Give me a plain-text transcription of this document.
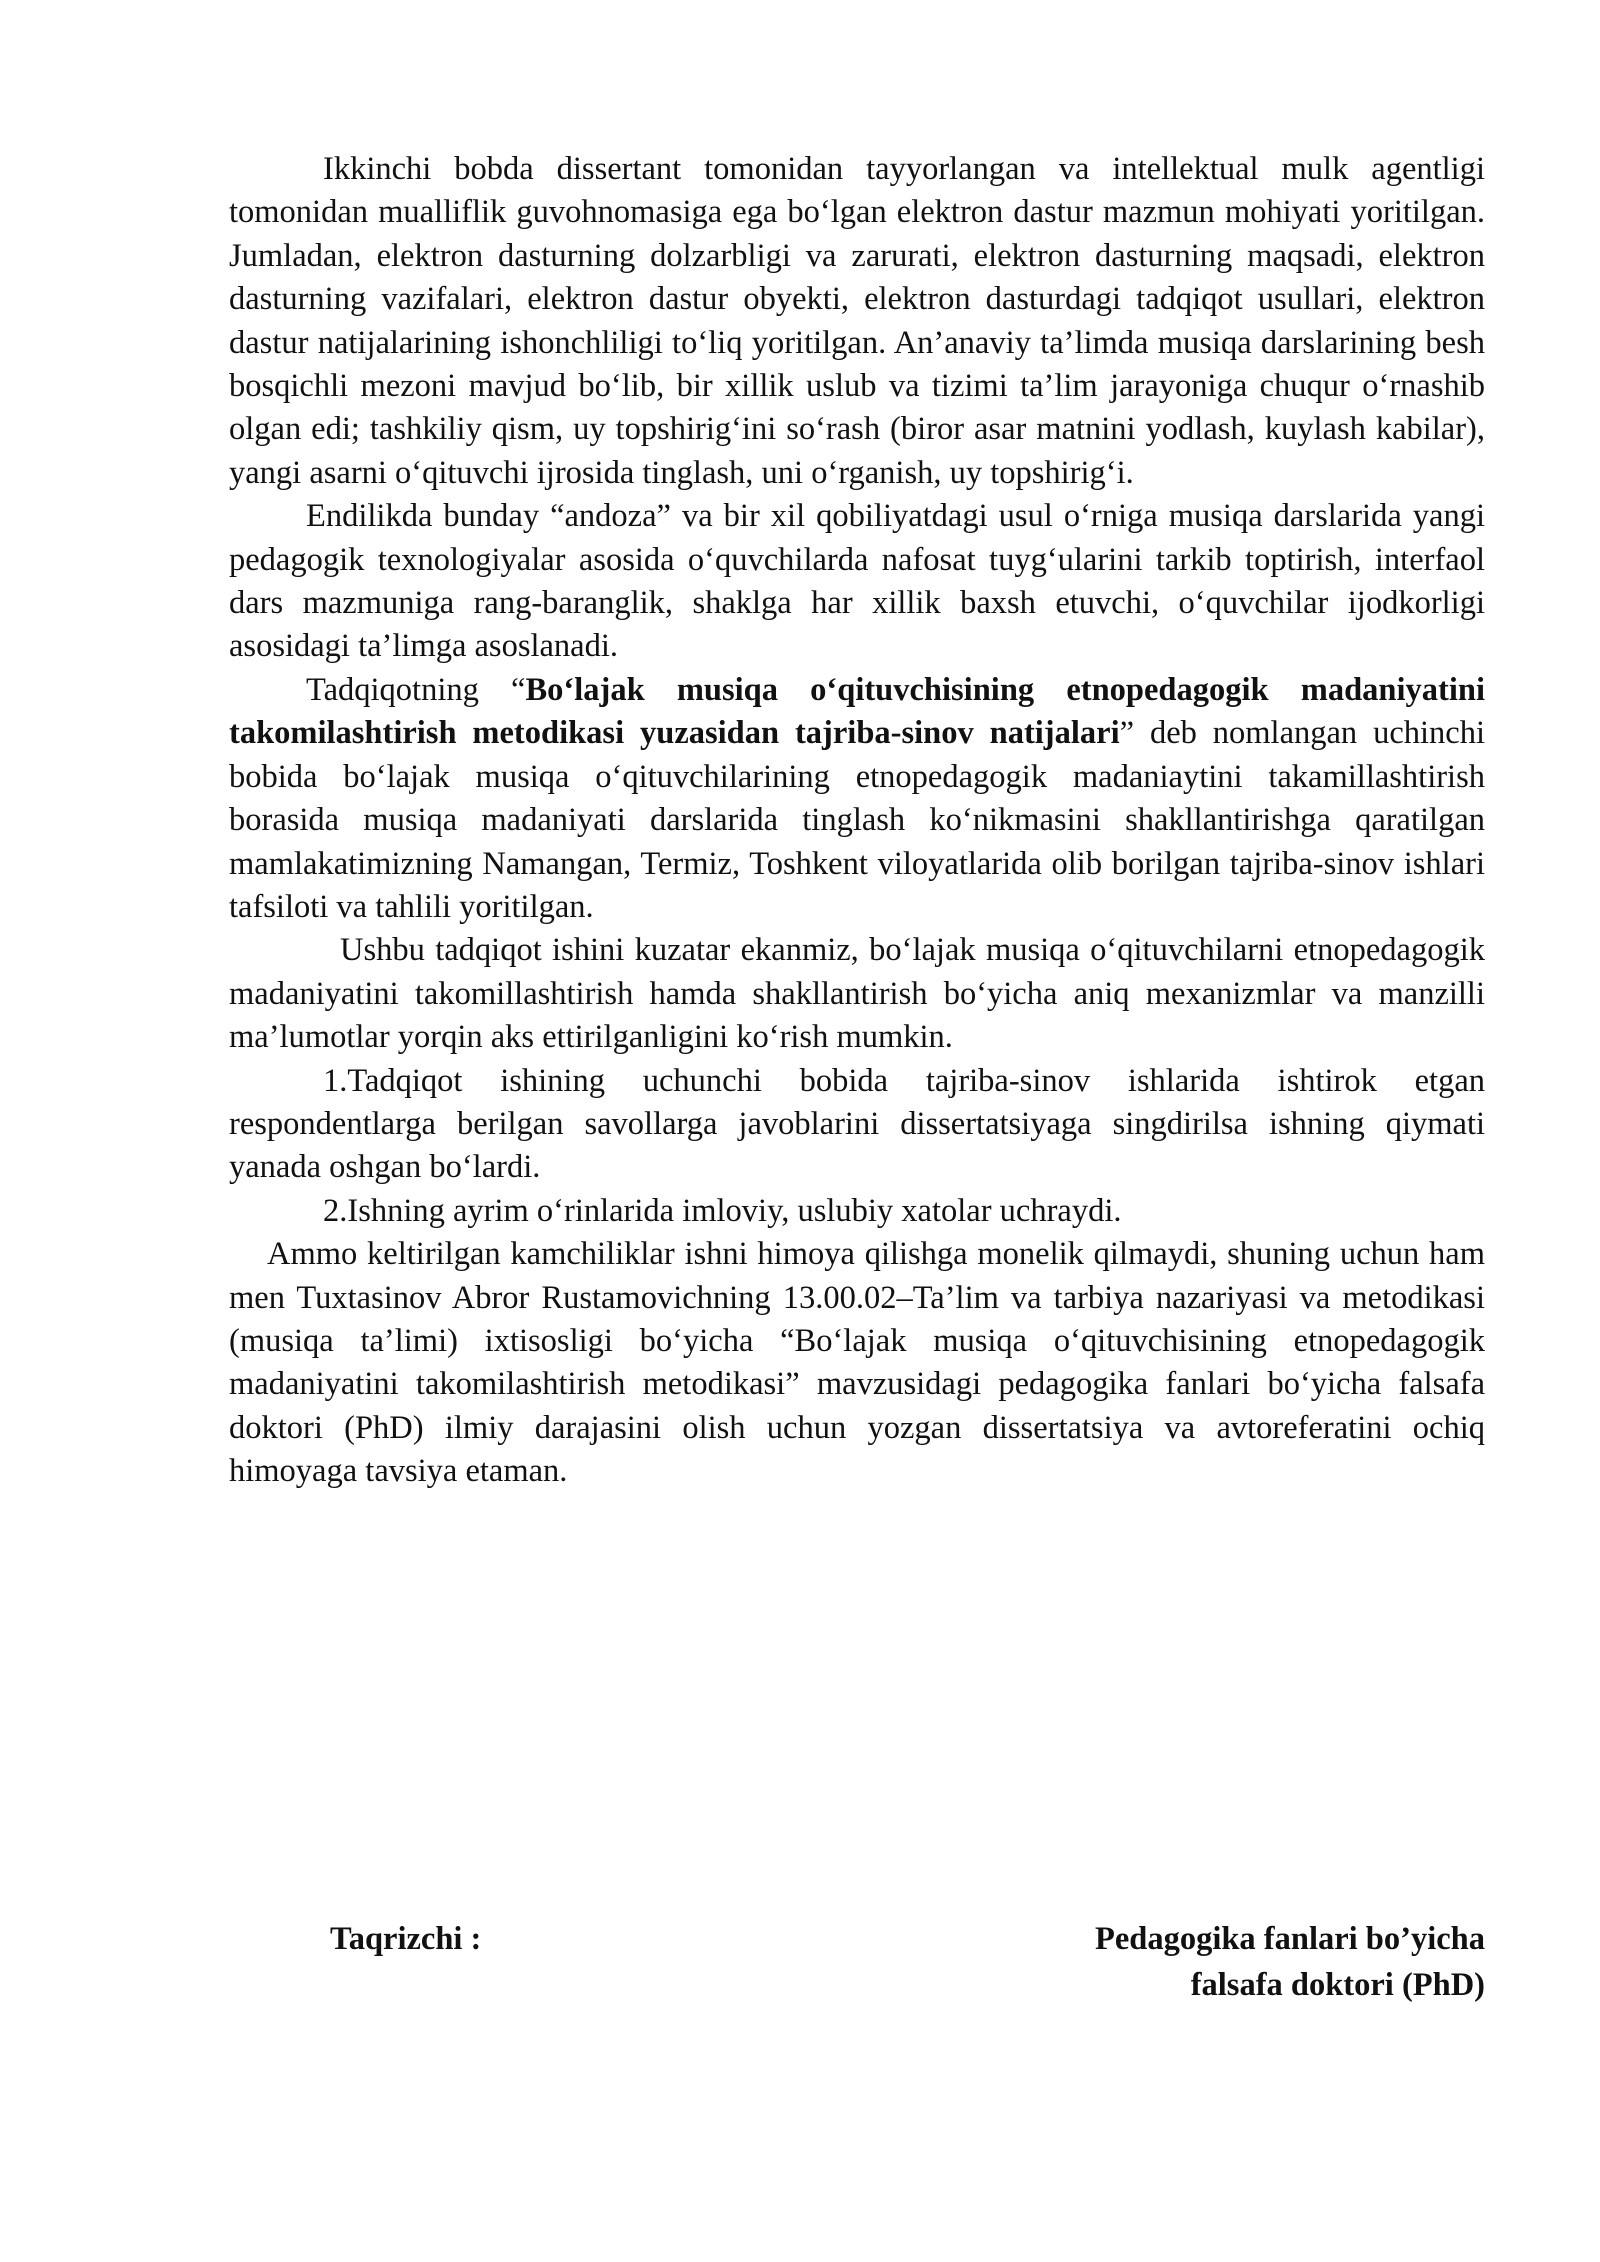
Ikkinchi bobda dissertant tomonidan tayyorlangan va intellektual mulk agentligi tomonidan mualliflik guvohnomasiga ega bo‘lgan elektron dastur mazmun mohiyati yoritilgan. Jumladan, elektron dasturning dolzarbligi va zarurati, elektron dasturning maqsadi, elektron dasturning vazifalari, elektron dastur obyekti, elektron dasturdagi tadqiqot usullari, elektron dastur natijalarining ishonchliligi to‘liq yoritilgan. An’anaviy ta’limda musiqa darslarining besh bosqichli mezoni mavjud bo‘lib, bir xillik uslub va tizimi ta’lim jarayoniga chuqur o‘rnashib olgan edi; tashkiliy qism, uy topshirig‘ini so‘rash (biror asar matnini yodlash, kuylash kabilar), yangi asarni o‘qituvchi ijrosida tinglash, uni o‘rganish, uy topshirig‘i.

Endilikda bunday “andoza” va bir xil qobiliyatdagi usul o‘rniga musiqa darslarida yangi pedagogik texnologiyalar asosida o‘quvchilarda nafosat tuyg‘ularini tarkib toptirish, interfaol dars mazmuniga rang-baranglik, shaklga har xillik baxsh etuvchi, o‘quvchilar ijodkorligi asosidagi ta’limga asoslanadi.

Tadqiqotning “Bo‘lajak musiqa o‘qituvchisining etnopedagogik madaniyatini takomilashtirish metodikasi yuzasidan tajriba-sinov natijalari” deb nomlangan uchinchi bobida bo‘lajak musiqa o‘qituvchilarining etnopedagogik madaniaytini takamillashtirish borasida musiqa madaniyati darslarida tinglash ko‘nikmasini shakllantirishga qaratilgan mamlakatimizning Namangan, Termiz, Toshkent viloyatlarida olib borilgan tajriba-sinov ishlari tafsiloti va tahlili yoritilgan.

Ushbu tadqiqot ishini kuzatar ekanmiz, bo‘lajak musiqa o‘qituvchilarni etnopedagogik madaniyatini takomillashtirish hamda shakllantirish bo‘yicha aniq mexanizmlar va manzilli ma’lumotlar yorqin aks ettirilganligini ko‘rish mumkin.

1.Tadqiqot ishining uchunchi bobida tajriba-sinov ishlarida ishtirok etgan respondentlarga berilgan savollarga javoblarini dissertatsiyaga singdirilsa ishning qiymati yanada oshgan bo‘lardi.

2.Ishning ayrim o‘rinlarida imloviy, uslubiy xatolar uchraydi.

Ammo keltirilgan kamchiliklar ishni himoya qilishga monelik qilmaydi, shuning uchun ham men Tuxtasinov Abror Rustamovichning 13.00.02–Ta’lim va tarbiya nazariyasi va metodikasi (musiqa ta’limi) ixtisosligi bo‘yicha “Bo‘lajak musiqa o‘qituvchisining etnopedagogik madaniyatini takomilashtirish metodikasi” mavzusidagi pedagogika fanlari bo‘yicha falsafa doktori (PhD) ilmiy darajasini olish uchun yozgan dissertatsiya va avtoreferatini ochiq himoyaga tavsiya etaman.

Taqrizchi :	Pedagogika fanlari bo’yicha
falsafa doktori (PhD)
